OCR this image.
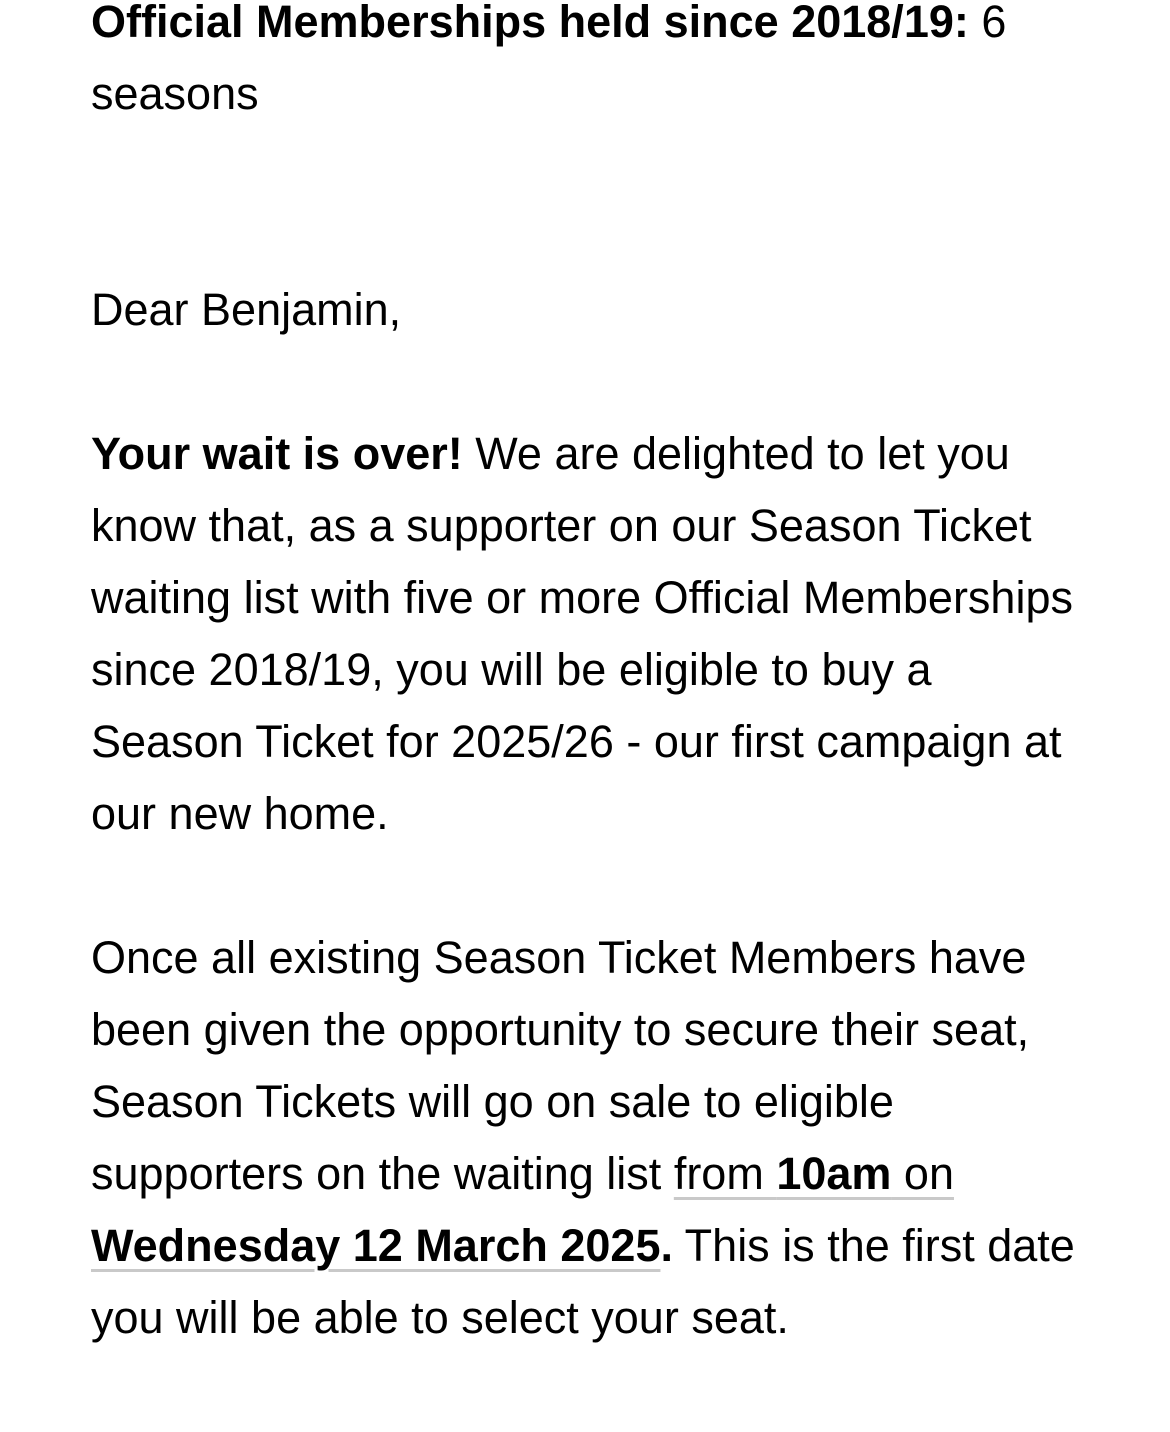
Official Memberships held since 2018/19: 6 seasons

Dear Benjamin,

Your wait is over! We are delighted to let you know that, as a supporter on our Season Ticket waiting list with five or more Official Memberships since 2018/19, you will be eligible to buy a Season Ticket for 2025/26 - our first campaign at our new home.

Once all existing Season Ticket Members have been given the opportunity to secure their seat, Season Tickets will go on sale to eligible supporters on the waiting list from 10am on Wednesday 12 March 2025. This is the first date you will be able to select your seat.
